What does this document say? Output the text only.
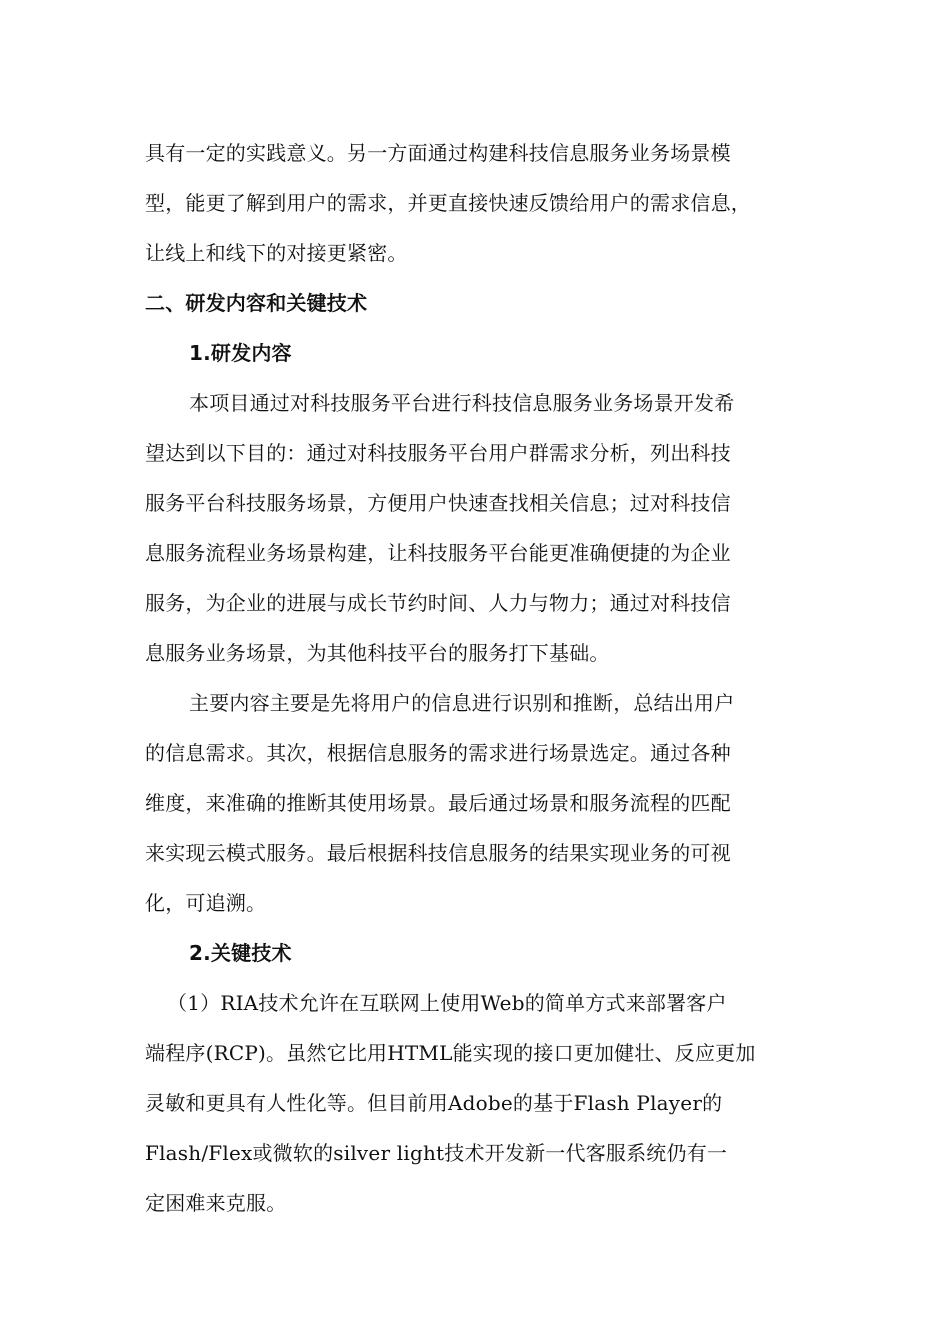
具有一定的实践意义。另一方面通过构建科技信息服务业务场景模
型，能更了解到用户的需求，并更直接快速反馈给用户的需求信息，
让线上和线下的对接更紧密。
二、研发内容和关键技术
1.研发内容
本项目通过对科技服务平台进行科技信息服务业务场景开发希
望达到以下目的：通过对科技服务平台用户群需求分析，列出科技
服务平台科技服务场景，方便用户快速查找相关信息；过对科技信
息服务流程业务场景构建，让科技服务平台能更准确便捷的为企业
服务，为企业的进展与成长节约时间、人力与物力；通过对科技信
息服务业务场景，为其他科技平台的服务打下基础。
主要内容主要是先将用户的信息进行识别和推断，总结出用户
的信息需求。其次，根据信息服务的需求进行场景选定。通过各种
维度，来准确的推断其使用场景。最后通过场景和服务流程的匹配
来实现云模式服务。最后根据科技信息服务的结果实现业务的可视
化，可追溯。
2.关键技术
（1）RIA技术允许在互联网上使用Web的简单方式来部署客户
端程序(RCP)。虽然它比用HTML能实现的接口更加健壮、反应更加
灵敏和更具有人性化等。但目前用Adobe的基于Flash Player的
Flash/Flex或微软的silver light技术开发新一代客服系统仍有一
定困难来克服。
